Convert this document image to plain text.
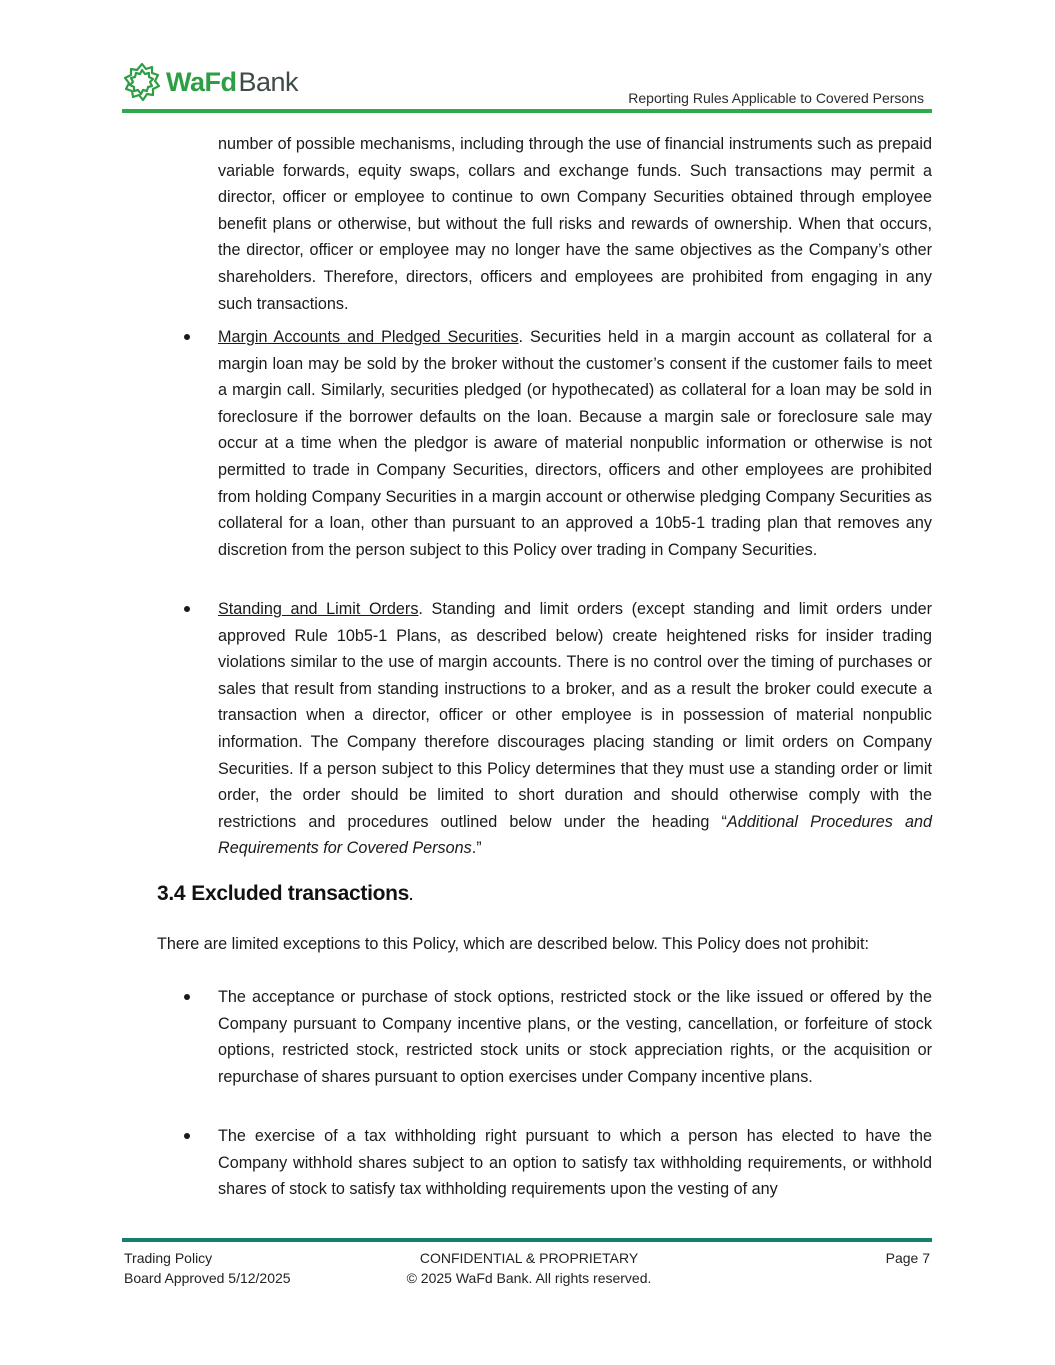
WaFd Bank
Reporting Rules Applicable to Covered Persons
number of possible mechanisms, including through the use of financial instruments such as prepaid variable forwards, equity swaps, collars and exchange funds. Such transactions may permit a director, officer or employee to continue to own Company Securities obtained through employee benefit plans or otherwise, but without the full risks and rewards of ownership. When that occurs, the director, officer or employee may no longer have the same objectives as the Company’s other shareholders. Therefore, directors, officers and employees are prohibited from engaging in any such transactions.
Margin Accounts and Pledged Securities. Securities held in a margin account as collateral for a margin loan may be sold by the broker without the customer’s consent if the customer fails to meet a margin call. Similarly, securities pledged (or hypothecated) as collateral for a loan may be sold in foreclosure if the borrower defaults on the loan. Because a margin sale or foreclosure sale may occur at a time when the pledgor is aware of material nonpublic information or otherwise is not permitted to trade in Company Securities, directors, officers and other employees are prohibited from holding Company Securities in a margin account or otherwise pledging Company Securities as collateral for a loan, other than pursuant to an approved a 10b5-1 trading plan that removes any discretion from the person subject to this Policy over trading in Company Securities.
Standing and Limit Orders. Standing and limit orders (except standing and limit orders under approved Rule 10b5-1 Plans, as described below) create heightened risks for insider trading violations similar to the use of margin accounts. There is no control over the timing of purchases or sales that result from standing instructions to a broker, and as a result the broker could execute a transaction when a director, officer or other employee is in possession of material nonpublic information. The Company therefore discourages placing standing or limit orders on Company Securities. If a person subject to this Policy determines that they must use a standing order or limit order, the order should be limited to short duration and should otherwise comply with the restrictions and procedures outlined below under the heading “Additional Procedures and Requirements for Covered Persons.”
3.4 Excluded transactions.
There are limited exceptions to this Policy, which are described below. This Policy does not prohibit:
The acceptance or purchase of stock options, restricted stock or the like issued or offered by the Company pursuant to Company incentive plans, or the vesting, cancellation, or forfeiture of stock options, restricted stock, restricted stock units or stock appreciation rights, or the acquisition or repurchase of shares pursuant to option exercises under Company incentive plans.
The exercise of a tax withholding right pursuant to which a person has elected to have the Company withhold shares subject to an option to satisfy tax withholding requirements, or withhold shares of stock to satisfy tax withholding requirements upon the vesting of any
Trading Policy
Board Approved 5/12/2025
CONFIDENTIAL & PROPRIETARY
© 2025 WaFd Bank. All rights reserved.
Page 7
